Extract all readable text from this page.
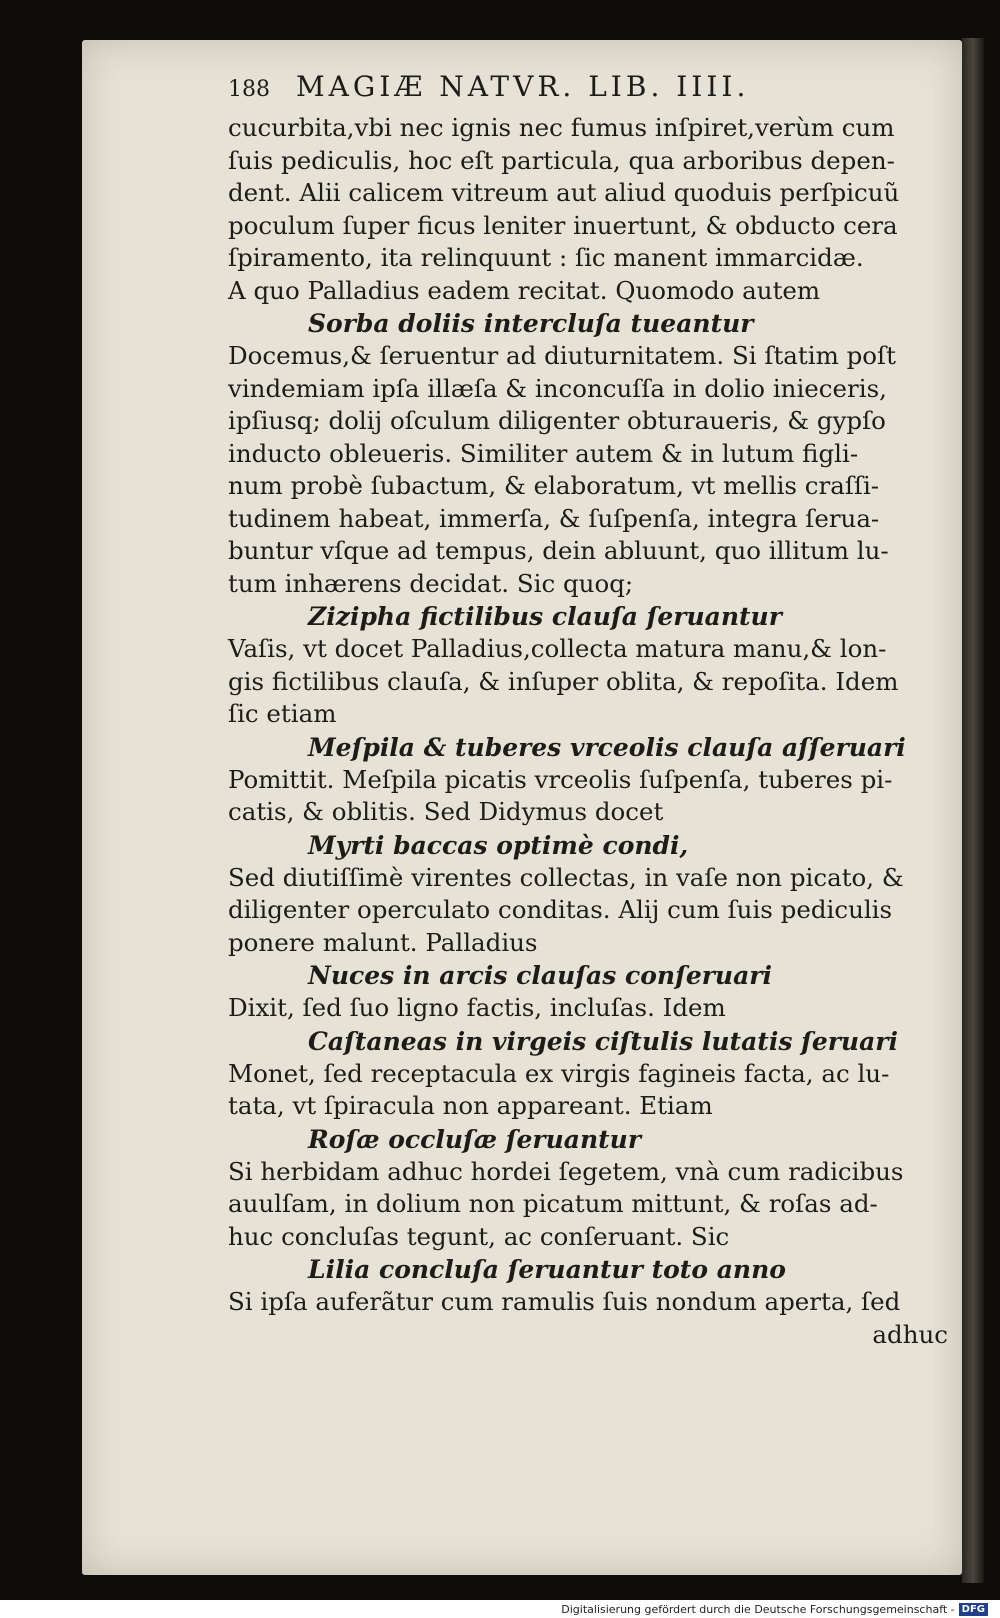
188 MAGIÆ NATVR. LIB. IIII.
cucurbita,vbi nec ignis nec fumus inſpiret,verùm cum
ſuis pediculis, hoc eſt particula, qua arboribus depen-
dent. Alii calicem vitreum aut aliud quoduis perſpicuũ
poculum ſuper ficus leniter inuertunt, & obducto cera
ſpiramento, ita relinquunt : ſic manent immarcidæ.
A quo Palladius eadem recitat. Quomodo autem
Sorba doliis intercluſa tueantur
Docemus,& ſeruentur ad diuturnitatem. Si ſtatim poſt
vindemiam ipſa illæſa & inconcuſſa in dolio inieceris,
ipſiusq; dolij oſculum diligenter obturaueris, & gypſo
inducto obleueris. Similiter autem & in lutum figli-
num probè ſubactum, & elaboratum, vt mellis craſſi-
tudinem habeat, immerſa, & ſuſpenſa, integra ſerua-
buntur vſque ad tempus, dein abluunt, quo illitum lu-
tum inhærens decidat. Sic quoq;
Zizipha fictilibus clauſa ſeruantur
Vaſis, vt docet Palladius,collecta matura manu,& lon-
gis fictilibus clauſa, & inſuper oblita, & repoſita. Idem
ſic etiam
Meſpila & tuberes vrceolis clauſa aſſeruari
Pomittit. Meſpila picatis vrceolis ſuſpenſa, tuberes pi-
catis, & oblitis. Sed Didymus docet
Myrti baccas optimè condi,
Sed diutiſſimè virentes collectas, in vaſe non picato, &
diligenter operculato conditas. Alij cum ſuis pediculis
ponere malunt. Palladius
Nuces in arcis clauſas conſeruari
Dixit, ſed ſuo ligno factis, incluſas. Idem
Caſtaneas in virgeis ciſtulis lutatis ſeruari
Monet, ſed receptacula ex virgis fagineis facta, ac lu-
tata, vt ſpiracula non appareant. Etiam
Roſæ occluſæ ſeruantur
Si herbidam adhuc hordei ſegetem, vnà cum radicibus
auulſam, in dolium non picatum mittunt, & roſas ad-
huc concluſas tegunt, ac conſeruant. Sic
Lilia concluſa ſeruantur toto anno
Si ipſa auferãtur cum ramulis ſuis nondum aperta, ſed
adhuc
Digitalisierung gefördert durch die Deutsche Forschungsgemeinschaft - DFG
